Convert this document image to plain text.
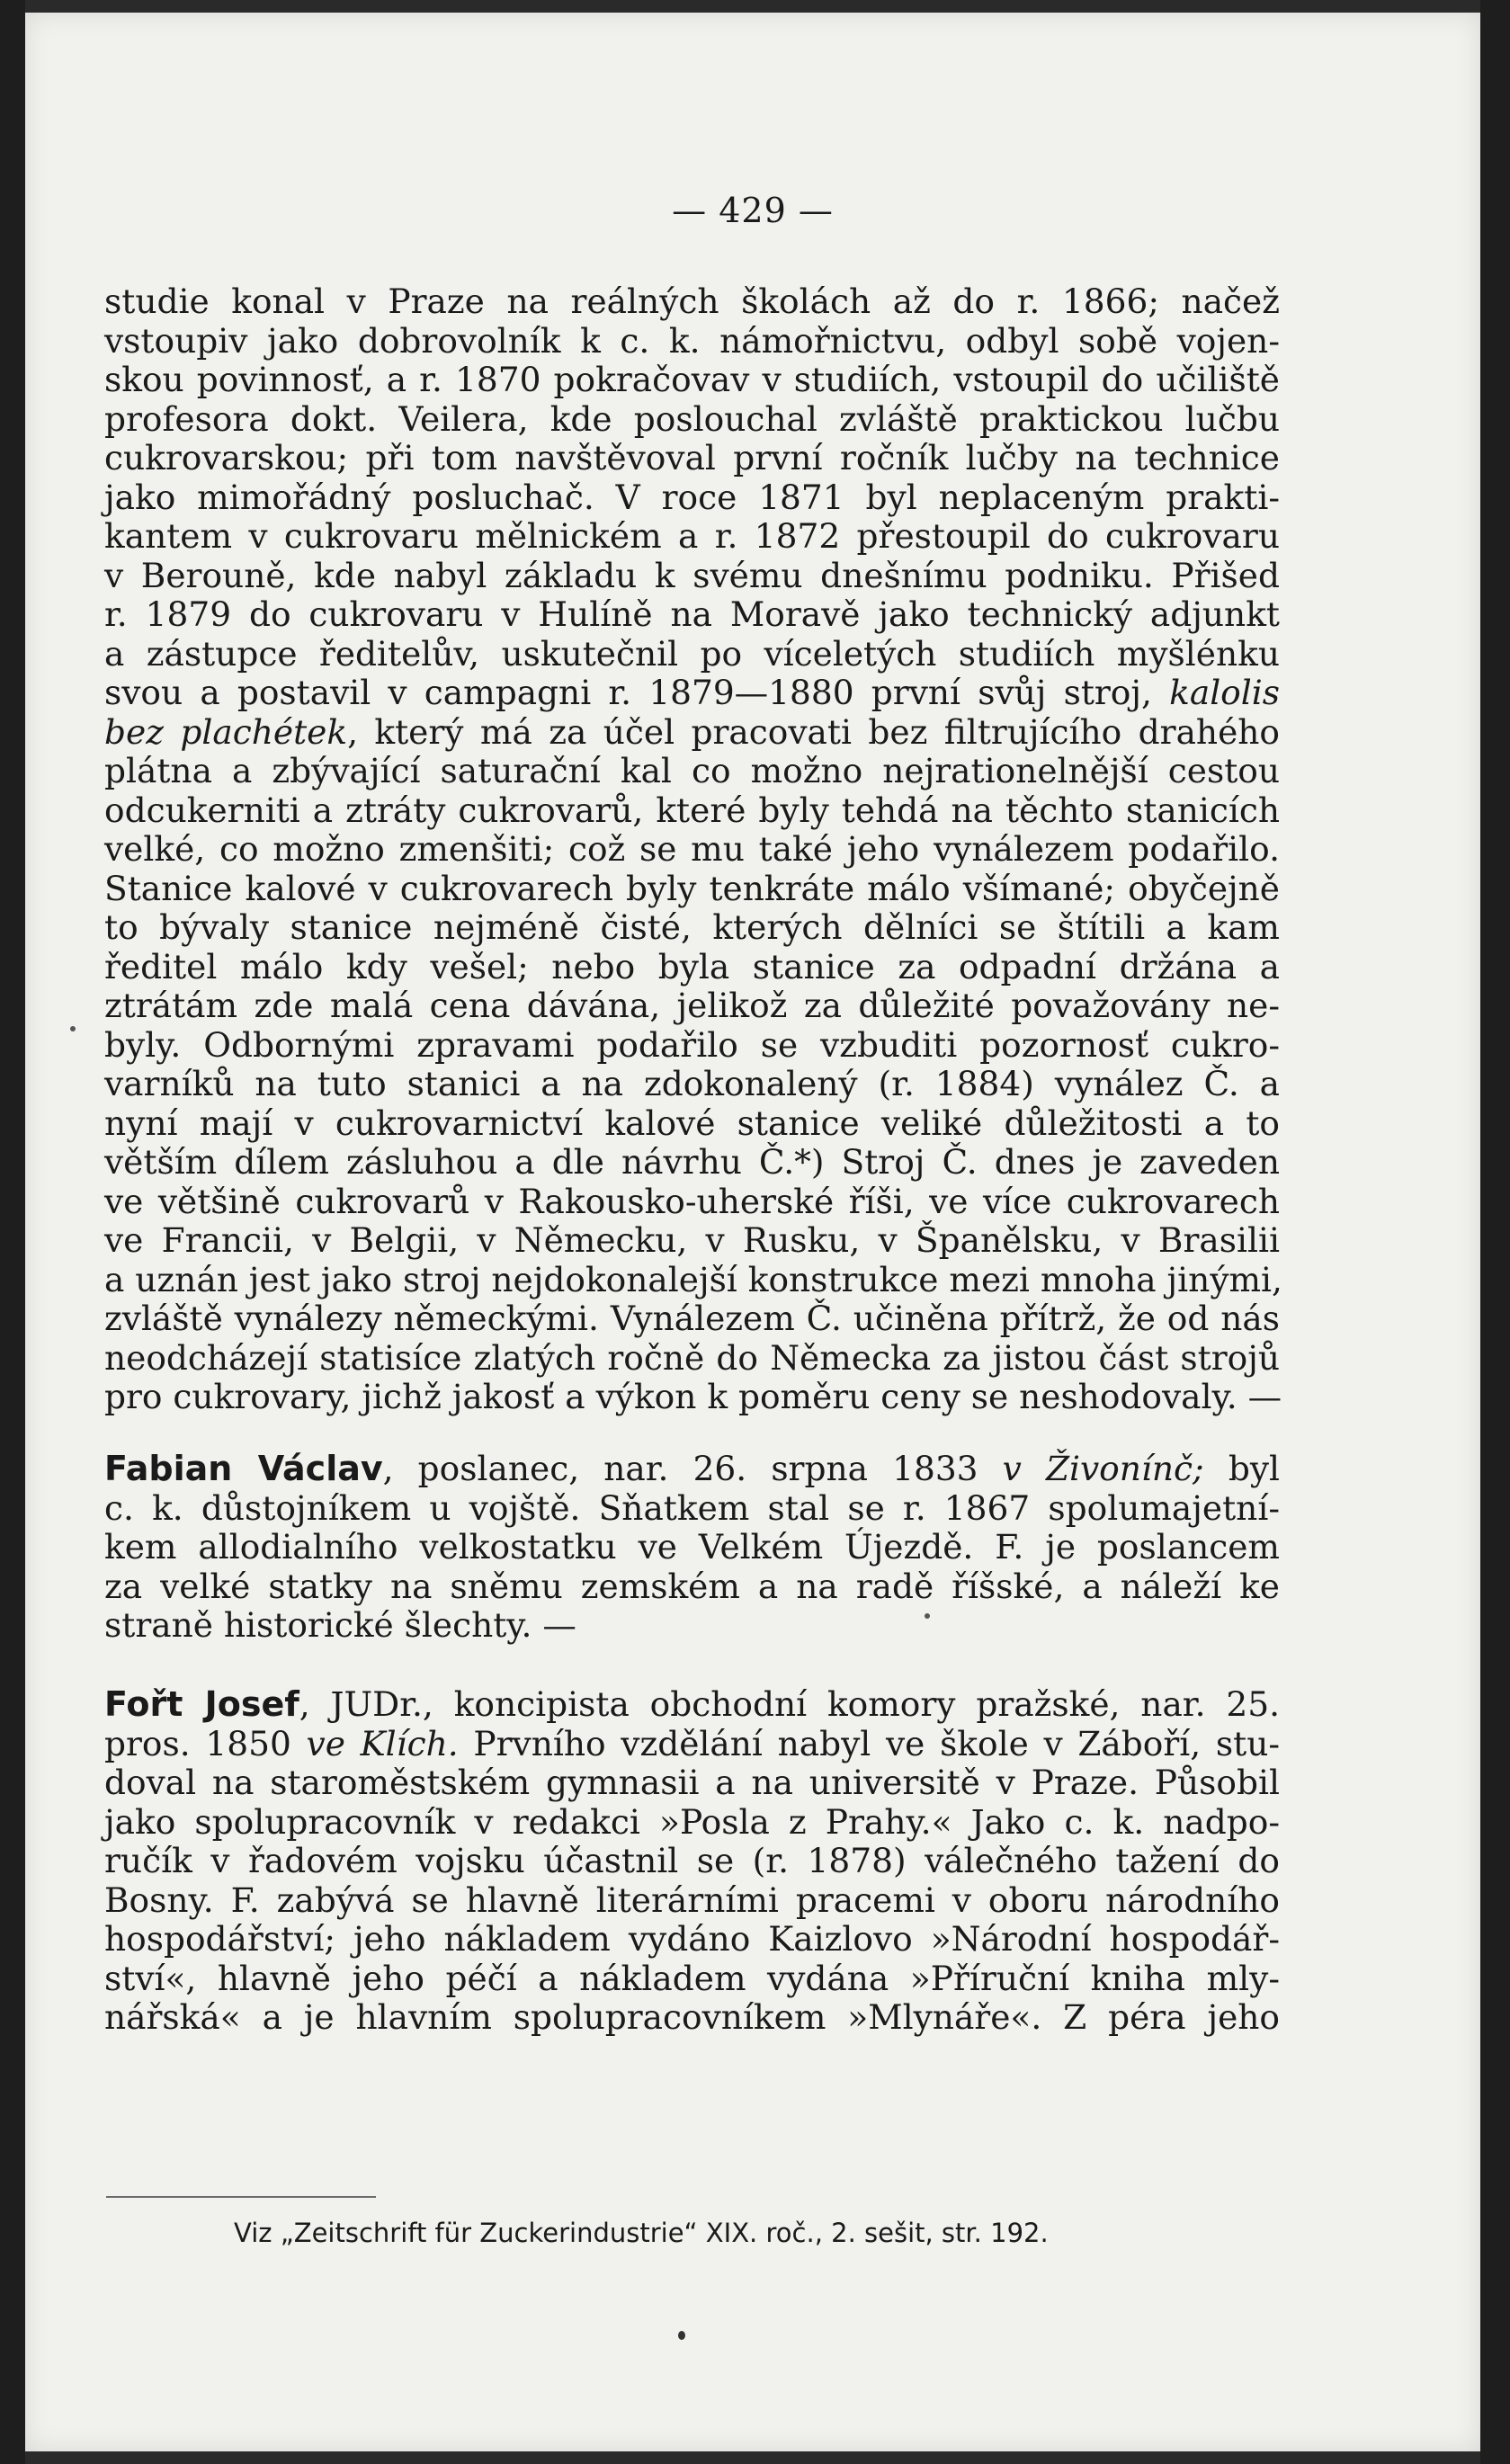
— 429 —
studie konal v Praze na reálných školách až do r. 1866; načež
vstoupiv jako dobrovolník k c. k. námořnictvu, odbyl sobě vojen-
skou povinnosť, a r. 1870 pokračovav v studiích, vstoupil do učiliště
profesora dokt. Veilera, kde poslouchal zvláště praktickou lučbu
cukrovarskou; při tom navštěvoval první ročník lučby na technice
jako mimořádný posluchač. V roce 1871 byl neplaceným prakti-
kantem v cukrovaru mělnickém a r. 1872 přestoupil do cukrovaru
v Berouně, kde nabyl základu k svému dnešnímu podniku. Přišed
r. 1879 do cukrovaru v Hulíně na Moravě jako technický adjunkt
a zástupce ředitelův, uskutečnil po víceletých studiích myšlénku
svou a postavil v campagni r. 1879—1880 první svůj stroj, kalolis
bez plachétek, který má za účel pracovati bez filtrujícího drahého
plátna a zbývající saturační kal co možno nejrationelnější cestou
odcukerniti a ztráty cukrovarů, které byly tehdá na těchto stanicích
velké, co možno zmenšiti; což se mu také jeho vynálezem podařilo.
Stanice kalové v cukrovarech byly tenkráte málo všímané; obyčejně
to bývaly stanice nejméně čisté, kterých dělníci se štítili a kam
ředitel málo kdy vešel; nebo byla stanice za odpadní držána a
ztrátám zde malá cena dávána, jelikož za důležité považovány ne-
byly. Odbornými zpravami podařilo se vzbuditi pozornosť cukro-
varníků na tuto stanici a na zdokonalený (r. 1884) vynález Č. a
nyní mají v cukrovarnictví kalové stanice veliké důležitosti a to
větším dílem zásluhou a dle návrhu Č.*) Stroj Č. dnes je zaveden
ve většině cukrovarů v Rakousko-uherské říši, ve více cukrovarech
ve Francii, v Belgii, v Německu, v Rusku, v Španělsku, v Brasilii
a uznán jest jako stroj nejdokonalejší konstrukce mezi mnoha jinými,
zvláště vynálezy německými. Vynálezem Č. učiněna přítrž, že od nás
neodcházejí statisíce zlatých ročně do Německa za jistou část strojů
pro cukrovary, jichž jakosť a výkon k poměru ceny se neshodovaly. —
Fabian Václav, poslanec, nar. 26. srpna 1833 v Živonínč; byl
c. k. důstojníkem u vojště. Sňatkem stal se r. 1867 spolumajetní-
kem allodialního velkostatku ve Velkém Újezdě. F. je poslancem
za velké statky na sněmu zemském a na radě říšské, a náleží ke
straně historické šlechty. —
Fořt Josef, JUDr., koncipista obchodní komory pražské, nar. 25.
pros. 1850 ve Klích. Prvního vzdělání nabyl ve škole v Záboří, stu-
doval na staroměstském gymnasii a na universitě v Praze. Působil
jako spolupracovník v redakci »Posla z Prahy.« Jako c. k. nadpo-
ručík v řadovém vojsku účastnil se (r. 1878) válečného tažení do
Bosny. F. zabývá se hlavně literárními pracemi v oboru národního
hospodářství; jeho nákladem vydáno Kaizlovo »Národní hospodář-
ství«, hlavně jeho péčí a nákladem vydána »Příruční kniha mly-
nářská« a je hlavním spolupracovníkem »Mlynáře«. Z péra jeho
Viz „Zeitschrift für Zuckerindustrie“ XIX. roč., 2. sešit, str. 192.
